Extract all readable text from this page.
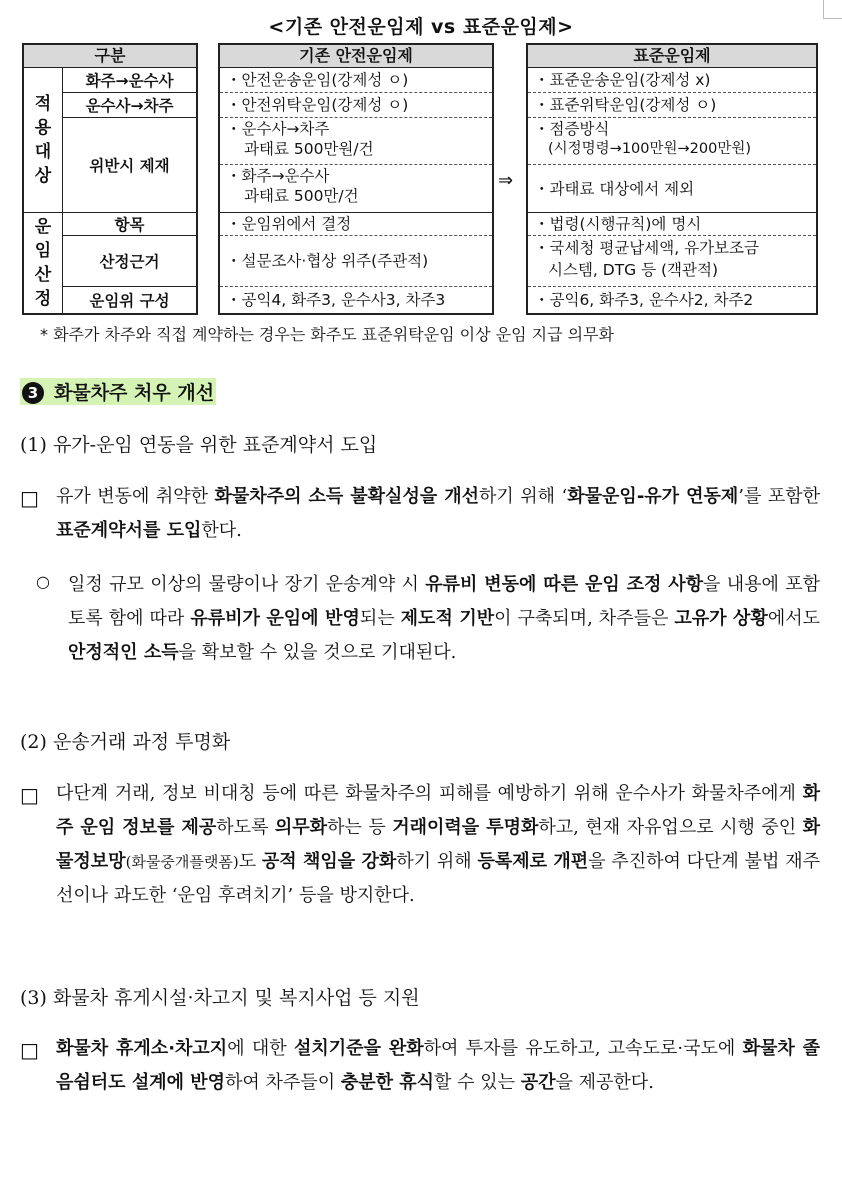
<기존 안전운임제 vs 표준운임제>
구분
적
용
대
상
운
임
산
정
화주→운수사
운수사→차주
위반시 제재
항목
산정근거
운임위 구성
기존 안전운임제
・안전운송운임(강제성 ㅇ)
・안전위탁운임(강제성 ㅇ)
・운수사→차주
과태료 500만원/건
・화주→운수사
과태료 500만/건
・운임위에서 결정
・설문조사·협상 위주(주관적)
・공익4, 화주3, 운수사3, 차주3
⇒
표준운임제
・표준운송운임(강제성 x)
・표준위탁운임(강제성 ㅇ)
・점증방식
(시정명령→100만원→200만원)
・과태료 대상에서 제외
・법령(시행규칙)에 명시
・국세청 평균납세액, 유가보조금
시스템, DTG 등 (객관적)
・공익6, 화주3, 운수사2, 차주2
* 화주가 차주와 직접 계약하는 경우는 화주도 표준위탁운임 이상 운임 지급 의무화
3 화물차주 처우 개선
(1) 유가-운임 연동을 위한 표준계약서 도입
□ 유가 변동에 취약한 화물차주의 소득 불확실성을 개선하기 위해 ‘화물운임-유가 연동제’를 포함한 표준계약서를 도입한다.
○ 일정 규모 이상의 물량이나 장기 운송계약 시 유류비 변동에 따른 운임 조정 사항을 내용에 포함토록 함에 따라 유류비가 운임에 반영되는 제도적 기반이 구축되며, 차주들은 고유가 상황에서도 안정적인 소득을 확보할 수 있을 것으로 기대된다.
(2) 운송거래 과정 투명화
□ 다단계 거래, 정보 비대칭 등에 따른 화물차주의 피해를 예방하기 위해 운수사가 화물차주에게 화주 운임 정보를 제공하도록 의무화하는 등 거래이력을 투명화하고, 현재 자유업으로 시행 중인 화물정보망(화물중개플랫폼)도 공적 책임을 강화하기 위해 등록제로 개편을 추진하여 다단계 불법 재주선이나 과도한 ‘운임 후려치기’ 등을 방지한다.
(3) 화물차 휴게시설·차고지 및 복지사업 등 지원
□ 화물차 휴게소·차고지에 대한 설치기준을 완화하여 투자를 유도하고, 고속도로·국도에 화물차 졸음쉼터도 설계에 반영하여 차주들이 충분한 휴식할 수 있는 공간을 제공한다.
